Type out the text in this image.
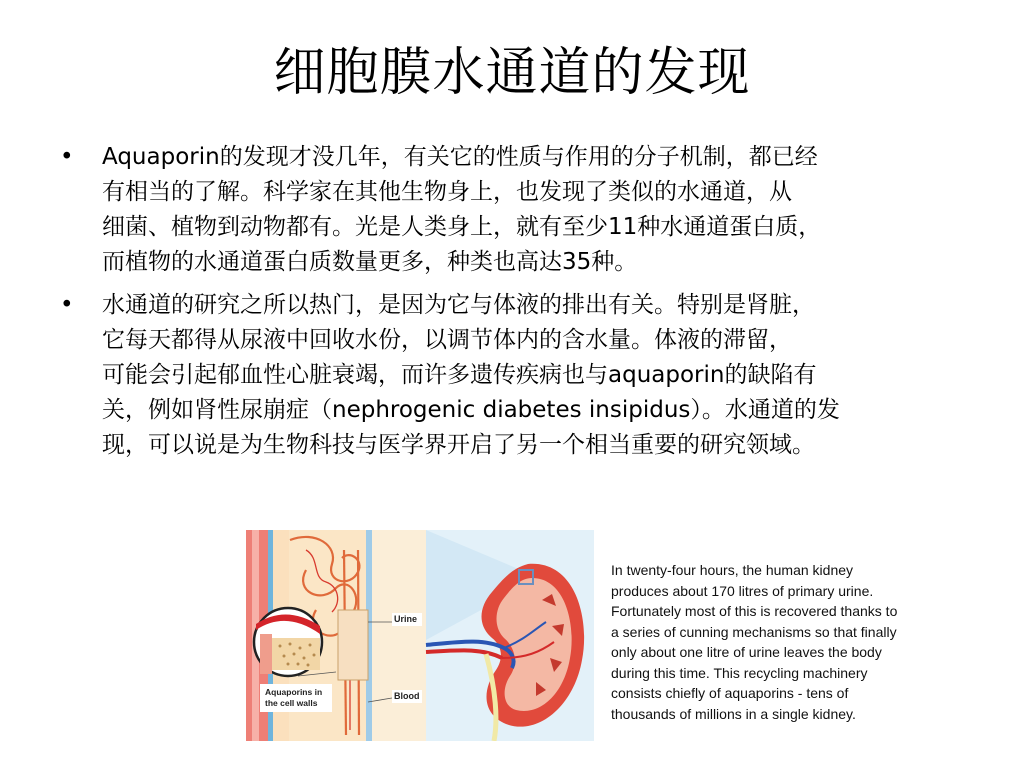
细胞膜水通道的发现
• Aquaporin的发现才没几年，有关它的性质与作用的分子机制，都已经
有相当的了解。科学家在其他生物身上，也发现了类似的水通道，从
细菌、植物到动物都有。光是人类身上，就有至少11种水通道蛋白质，
而植物的水通道蛋白质数量更多，种类也高达35种。
• 水通道的研究之所以热门，是因为它与体液的排出有关。特别是肾脏，
它每天都得从尿液中回收水份，以调节体内的含水量。体液的滞留，
可能会引起郁血性心脏衰竭，而许多遗传疾病也与aquaporin的缺陷有
关，例如肾性尿崩症（nephrogenic diabetes insipidus）。水通道的发
现，可以说是为生物科技与医学界开启了另一个相当重要的研究领域。
Aquaporins in
the cell walls
Urine
Blood
In twenty-four hours, the human kidney
produces about 170 litres of primary urine.
Fortunately most of this is recovered thanks to
a series of cunning mechanisms so that finally
only about one litre of urine leaves the body
during this time. This recycling machinery
consists chiefly of aquaporins - tens of
thousands of millions in a single kidney.
